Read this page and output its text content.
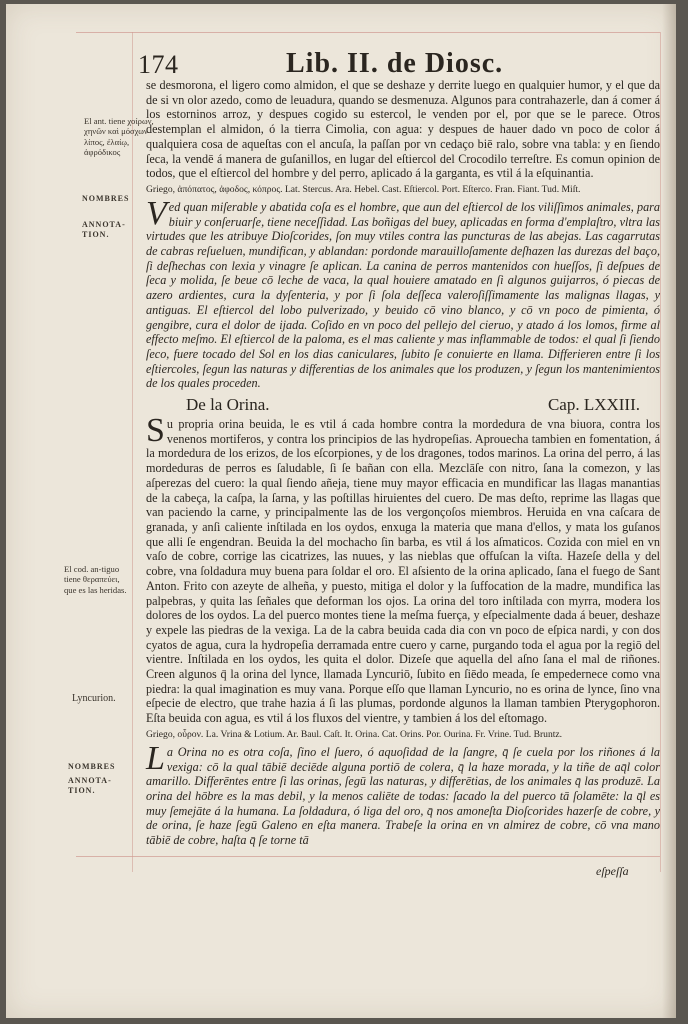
174	Lib. II. de Diosc.
El ant. tiene χοίρων, χηνῶν καὶ μόσχων λίπος, ἐλαίῳ, ἀφρόδικος
NOMBRES
ANNOTA-TION.
El cod. an-tiguo tiene θεραπεύει, que es las heridas.
Lyncurion.
NOMBRES
ANNOTA-TION.

se desmorona, el ligero como almidon, el que se deshaze y derrite luego en qualquier humor, y el que da de si vn olor azedo, como de leuadura, quando se desmenuza. Algunos para contrahazerle, dan á comer á los estorninos arroz, y despues cogido su estercol, le venden por el, por que se le parece. Otros destemplan el almidon, ó la tierra Cimolia, con agua: y despues de hauer dado vn poco de color á qualquiera cosa de aqueſtas con el ancuſa, la paſſan por vn cedaço biē ralo, sobre vna tabla: y en ſiendo ſeca, la vendē á manera de guſanillos, en lugar del eſtiercol del Crocodilo terreſtre. Es comun opinion de todos, que el eſtiercol del hombre y del perro, aplicado á la garganta, es vtil á la eſquinantia.

Griego, ἀπόπατος, ἀφοδος, κόπρος. Lat. Stercus. Ara. Hebel. Cast. Eſtiercol. Port. Eſterco. Fran. Fiant. Tud. Miſt.

Ved quan miſerable y abatida coſa es el hombre, que aun del eſtiercol de los viliſſimos animales, para biuir y conſeruarſe, tiene neceſſidad. Las boñigas del buey, aplicadas en forma d'emplaſtro, vltra las virtudes que les atribuye Dioſcorides, ſon muy vtiles contra las puncturas de las abejas. Las cagarrutas de cabras reſueluen, mundifican, y ablandan: pordonde marauilloſamente deſhazen las durezas del baço, ſi deſhechas con lexia y vinagre ſe aplican. La canina de perros mantenidos con hueſſos, ſi deſpues de ſeca y molida, ſe beue cō leche de vaca, la qual houiere amatado en ſi algunos guijarros, ó piecas de azero ardientes, cura la dyſenteria, y por ſi ſola deſſeca valeroſiſſimamente las malignas llagas, y antiguas. El eſtiercol del lobo pulverizado, y beuido cō vino blanco, y cō vn poco de pimienta, ó gengibre, cura el dolor de ijada. Coſido en vn poco del pellejo del cieruo, y atado á los lomos, firme al effecto meſmo. El eſtiercol de la paloma, es el mas caliente y mas inflammable de todos: el qual ſi ſiendo ſeco, fuere tocado del Sol en los dias caniculares, ſubito ſe conuierte en llama. Differieren entre ſi los eſtiercoles, ſegun las naturas y differentias de los animales que los produzen, y ſegun los mantenimientos de los quales proceden.

De la Orina.	Cap. LXXIII.

Su propria orina beuida, le es vtil á cada hombre contra la mordedura de vna biuora, contra los venenos mortiferos, y contra los principios de las hydropeſias. Aprouecha tambien en fomentation, á la mordedura de los erizos, de los eſcorpiones, y de los dragones, todos marinos. La orina del perro, á las mordeduras de perros es ſaludable, ſi ſe bañan con ella. Mezclāſe con nitro, ſana la comezon, y las aſperezas del cuero: la qual ſiendo añeja, tiene muy mayor efficacia en mundificar las llagas manantias de la cabeça, la caſpa, la ſarna, y las poſtillas hiruientes del cuero. De mas deſto, reprime las llagas que van paciendo la carne, y principalmente las de los vergonçoſos miembros. Heruida en vna caſcara de granada, y anſi caliente inſtilada en los oydos, enxuga la materia que mana d'ellos, y mata los guſanos que alli ſe engendran. Beuida la del mochacho ſin barba, es vtil á los aſmaticos. Cozida con miel en vn vaſo de cobre, corrige las cicatrizes, las nuues, y las nieblas que offuſcan la viſta. Hazeſe della y del cobre, vna ſoldadura muy buena para ſoldar el oro. El aſsiento de la orina aplicado, ſana el fuego de Sant Anton. Frito con azeyte de alheña, y puesto, mitiga el dolor y la ſuffocation de la madre, mundifica las palpebras, y quita las ſeñales que deforman los ojos. La orina del toro inſtilada con myrra, modera los dolores de los oydos. La del puerco montes tiene la meſma fuerça, y eſpecialmente dada á beuer, deshaze y expele las piedras de la vexiga. La de la cabra beuida cada dia con vn poco de eſpica nardi, y con dos cyatos de agua, cura la hydropeſia derramada entre cuero y carne, purgando toda el agua por la regiō del vientre. Inſtilada en los oydos, les quita el dolor. Dizeſe que aquella del aſno ſana el mal de riñones. Creen algunos q̄ la orina del lynce, llamada Lyncuriō, ſubito en ſiēdo meada, ſe empedernece como vna piedra: la qual imagination es muy vana. Porque eſſo que llaman Lyncurio, no es orina de lynce, ſino vna eſpecie de electro, que trahe hazia á ſi las plumas, pordonde algunos la llaman tambien Pterygophoron. Eſta beuida con agua, es vtil á los fluxos del vientre, y tambien á los del eſtomago.

Griego, οὖρον. La. Vrina & Lotium. Ar. Baul. Caſt. It. Orina. Cat. Orins. Por. Ourina. Fr. Vrine. Tud. Bruntz.

La Orina no es otra coſa, ſino el ſuero, ó aquoſidad de la ſangre, q̄ ſe cuela por los riñones á la vexiga: cō la qual tābiē deciēde alguna portiō de colera, q̄ la haze morada, y la tiñe de aq̄l color amarillo. Differēntes entre ſi las orinas, ſegū las naturas, y differētias, de los animales q̄ las produzē. La orina del hōbre es la mas debil, y la menos caliēte de todas: ſacado la del puerco tā ſolamēte: la q̄l es muy ſemejāte á la humana. La ſoldadura, ó liga del oro, q̄ nos amoneſta Dioſcorides hazerſe de cobre, y de orina, ſe haze ſegū Galeno en eſta manera. Trabeſe la orina en vn almirez de cobre, cō vna mano tābiē de cobre, haſta q̄ ſe torne tā

eſpeſſa
